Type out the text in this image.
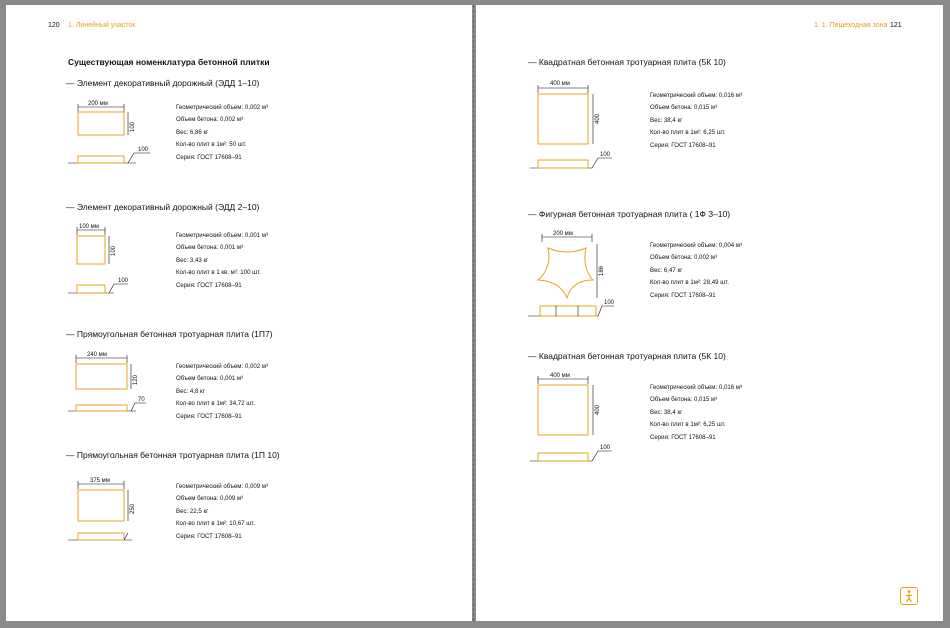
120 1. Линейный участок
Существующая номенклатура бетонной плитки
— Элемент декоративный дорожный (ЭДД 1–10)
200 мм
100
100
Геометрический объем: 0,002 м³
Объем бетона: 0,002 м³
Вес: 6,86 кг
Кол-во плит в 1м²: 50 шт.
Серия: ГОСТ 17608–91
— Элемент декоративный дорожный (ЭДД 2–10)
100 мм
100
100
Геометрический объем: 0,001 м³
Объем бетона: 0,001 м³
Вес: 3,43 кг
Кол-во плит в 1 кв. м²: 100 шт.
Серия: ГОСТ 17608–91
— Прямоугольная бетонная тротуарная плита (1П7)
240 мм
120
70
Геометрический объем: 0,002 м³
Объем бетона: 0,001 м³
Вес: 4,8 кг
Кол-во плит в 1м²: 34,72 шт.
Серия: ГОСТ 17608–91
— Прямоугольная бетонная тротуарная плита (1П 10)
375 мм
250
Геометрический объем: 0,009 м³
Объем бетона: 0,009 м³
Вес: 22,5 кг
Кол-во плит в 1м²: 10,67 шт.
Серия: ГОСТ 17608–91
1. 1. Пешеходная зона 121
— Квадратная бетонная тротуарная плита (5К 10)
400 мм
400
100
Геометрический объем: 0,016 м³
Объем бетона: 0,015 м³
Вес: 38,4 кг
Кол-во плит в 1м²: 6,25 шт.
Серия: ГОСТ 17608–91
— Фигурная бетонная тротуарная плита ( 1Ф 3–10)
200 мм
186
100
Геометрический объем: 0,004 м³
Объем бетона: 0,002 м³
Вес: 6,47 кг
Кол-во плит в 1м²: 28,49 шт.
Серия: ГОСТ 17608–91
— Квадратная бетонная тротуарная плита (5К 10)
400 мм
400
100
Геометрический объем: 0,016 м³
Объем бетона: 0,015 м³
Вес: 38,4 кг
Кол-во плит в 1м²: 6,25 шт.
Серия: ГОСТ 17608–91
